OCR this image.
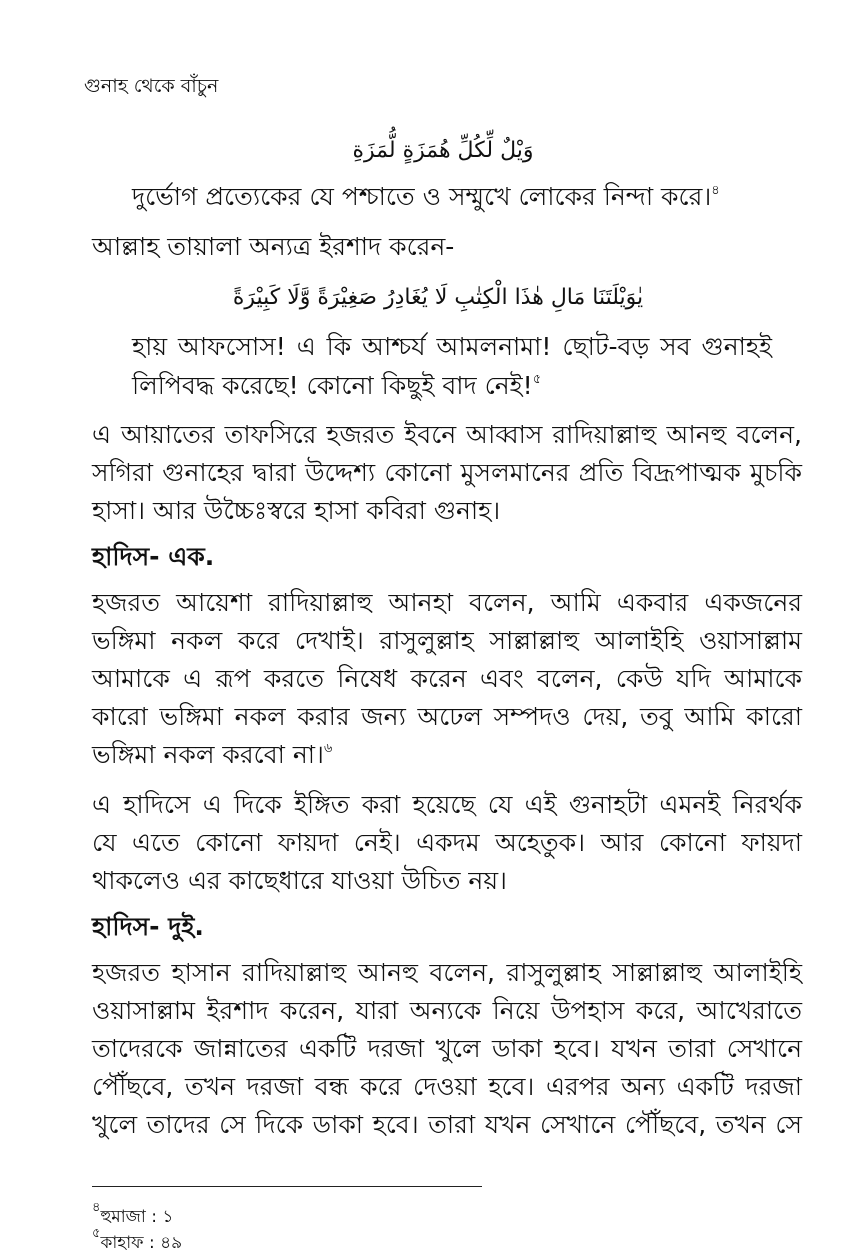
গুনাহ থেকে বাঁচুন
وَيْلٌ لِّكُلِّ هُمَزَةٍ لُّمَزَةِ
দুর্ভোগ প্রত্যেকের যে পশ্চাতে ও সম্মুখে লোকের নিন্দা করে।$^৪$
আল্লাহ তায়ালা অন্যত্র ইরশাদ করেন-
يٰوَيْلَتَنَا مَالِ هٰذَا الْكِتٰبِ لَا يُغَادِرُ صَغِيْرَةً وَّلَا كَبِيْرَةً
হায় আফসোস! এ কি আশ্চর্য আমলনামা! ছোট-বড় সব গুনাহই
লিপিবদ্ধ করেছে! কোনো কিছুই বাদ নেই!$^৫$
এ আয়াতের তাফসিরে হজরত ইবনে আব্বাস রাদিয়াল্লাহু আনহু বলেন,
সগিরা গুনাহের দ্বারা উদ্দেশ্য কোনো মুসলমানের প্রতি বিদ্রূপাত্মক মুচকি
হাসা। আর উচ্চৈঃস্বরে হাসা কবিরা গুনাহ।
হাদিস- এক.
হজরত আয়েশা রাদিয়াল্লাহু আনহা বলেন, আমি একবার একজনের
ভঙ্গিমা নকল করে দেখাই। রাসুলুল্লাহ সাল্লাল্লাহু আলাইহি ওয়াসাল্লাম
আমাকে এ রূপ করতে নিষেধ করেন এবং বলেন, কেউ যদি আমাকে
কারো ভঙ্গিমা নকল করার জন্য অঢেল সম্পদও দেয়, তবু আমি কারো
ভঙ্গিমা নকল করবো না।$^৬$
এ হাদিসে এ দিকে ইঙ্গিত করা হয়েছে যে এই গুনাহটা এমনই নিরর্থক
যে এতে কোনো ফায়দা নেই। একদম অহেতুক। আর কোনো ফায়দা
থাকলেও এর কাছেধারে যাওয়া উচিত নয়।
হাদিস- দুই.
হজরত হাসান রাদিয়াল্লাহু আনহু বলেন, রাসুলুল্লাহ সাল্লাল্লাহু আলাইহি
ওয়াসাল্লাম ইরশাদ করেন, যারা অন্যকে নিয়ে উপহাস করে, আখেরাতে
তাদেরকে জান্নাতের একটি দরজা খুলে ডাকা হবে। যখন তারা সেখানে
পৌঁছবে, তখন দরজা বন্ধ করে দেওয়া হবে। এরপর অন্য একটি দরজা
খুলে তাদের সে দিকে ডাকা হবে। তারা যখন সেখানে পৌঁছবে, তখন সে
$^৪$হুমাজা : ১
$^৫$কাহাফ : ৪৯
